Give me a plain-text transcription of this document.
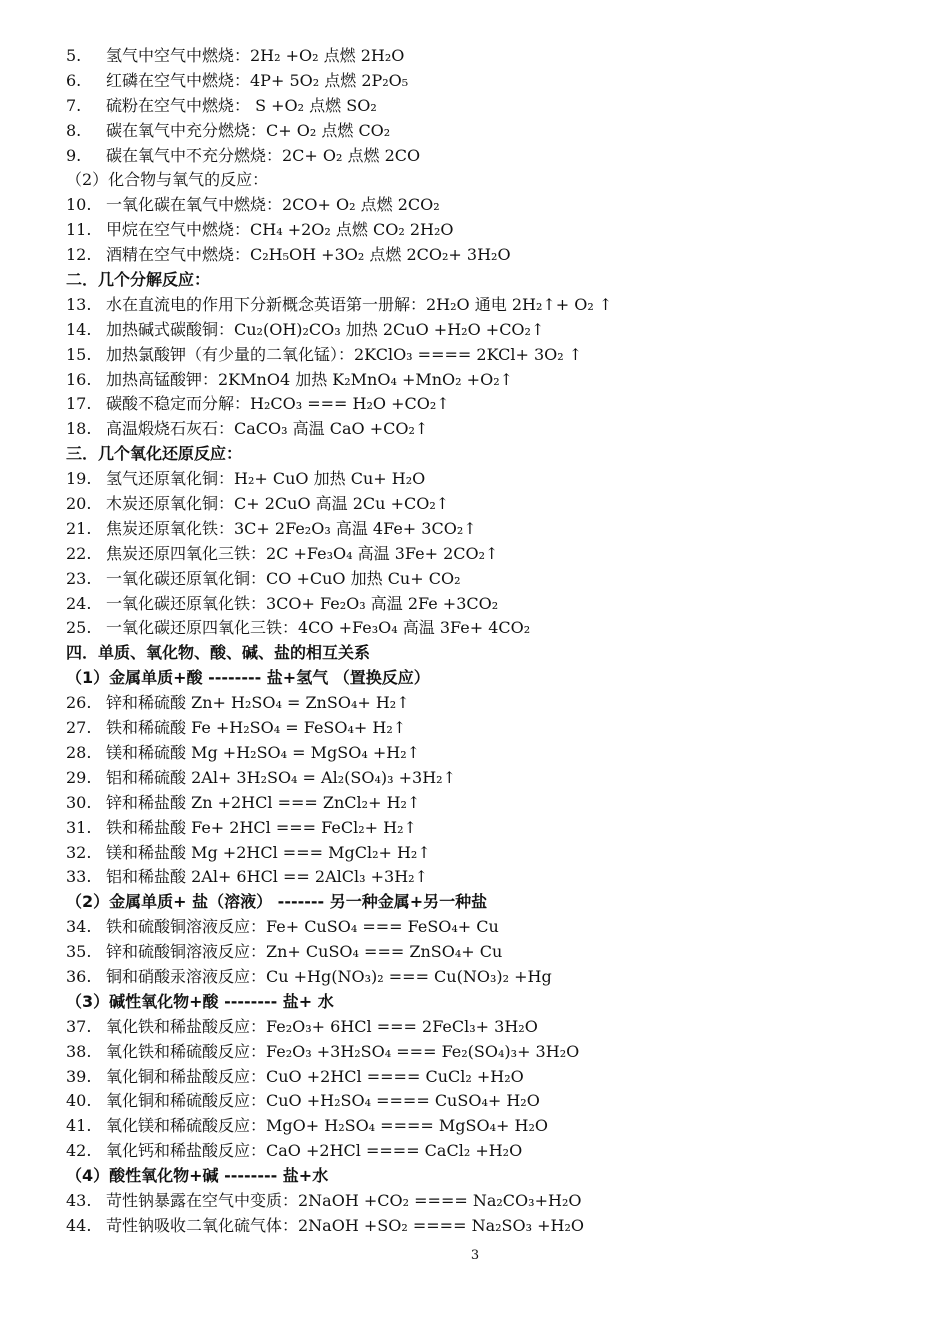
5. 氢气中空气中燃烧：2H₂ +O₂ 点燃 2H₂O
6. 红磷在空气中燃烧：4P+ 5O₂ 点燃 2P₂O₅
7. 硫粉在空气中燃烧： S +O₂ 点燃 SO₂
8. 碳在氧气中充分燃烧：C+ O₂ 点燃 CO₂
9. 碳在氧气中不充分燃烧：2C+ O₂ 点燃 2CO
（2）化合物与氧气的反应：
10. 一氧化碳在氧气中燃烧：2CO+ O₂ 点燃 2CO₂
11. 甲烷在空气中燃烧：CH₄ +2O₂ 点燃 CO₂ 2H₂O
12. 酒精在空气中燃烧：C₂H₅OH +3O₂ 点燃 2CO₂+ 3H₂O
二．几个分解反应：
13. 水在直流电的作用下分新概念英语第一册解：2H₂O 通电 2H₂↑+ O₂ ↑
14. 加热碱式碳酸铜：Cu₂(OH)₂CO₃ 加热 2CuO +H₂O +CO₂↑
15. 加热氯酸钾（有少量的二氧化锰）：2KClO₃ ==== 2KCl+ 3O₂ ↑
16. 加热高锰酸钾：2KMnO4 加热 K₂MnO₄ +MnO₂ +O₂↑
17. 碳酸不稳定而分解：H₂CO₃ === H₂O +CO₂↑
18. 高温煅烧石灰石：CaCO₃ 高温 CaO +CO₂↑
三．几个氧化还原反应：
19. 氢气还原氧化铜：H₂+ CuO 加热 Cu+ H₂O
20. 木炭还原氧化铜：C+ 2CuO 高温 2Cu +CO₂↑
21. 焦炭还原氧化铁：3C+ 2Fe₂O₃ 高温 4Fe+ 3CO₂↑
22. 焦炭还原四氧化三铁：2C +Fe₃O₄ 高温 3Fe+ 2CO₂↑
23. 一氧化碳还原氧化铜：CO +CuO 加热 Cu+ CO₂
24. 一氧化碳还原氧化铁：3CO+ Fe₂O₃ 高温 2Fe +3CO₂
25. 一氧化碳还原四氧化三铁：4CO +Fe₃O₄ 高温 3Fe+ 4CO₂
四．单质、氧化物、酸、碱、盐的相互关系
（1）金属单质+酸 -------- 盐+氢气 （置换反应）
26. 锌和稀硫酸 Zn+ H₂SO₄ = ZnSO₄+ H₂↑
27. 铁和稀硫酸 Fe +H₂SO₄ = FeSO₄+ H₂↑
28. 镁和稀硫酸 Mg +H₂SO₄ = MgSO₄ +H₂↑
29. 铝和稀硫酸 2Al+ 3H₂SO₄ = Al₂(SO₄)₃ +3H₂↑
30. 锌和稀盐酸 Zn +2HCl === ZnCl₂+ H₂↑
31. 铁和稀盐酸 Fe+ 2HCl === FeCl₂+ H₂↑
32. 镁和稀盐酸 Mg +2HCl === MgCl₂+ H₂↑
33. 铝和稀盐酸 2Al+ 6HCl == 2AlCl₃ +3H₂↑
（2）金属单质+ 盐（溶液） ------- 另一种金属+另一种盐
34. 铁和硫酸铜溶液反应：Fe+ CuSO₄ === FeSO₄+ Cu
35. 锌和硫酸铜溶液反应：Zn+ CuSO₄ === ZnSO₄+ Cu
36. 铜和硝酸汞溶液反应：Cu +Hg(NO₃)₂ === Cu(NO₃)₂ +Hg
（3）碱性氧化物+酸 -------- 盐+ 水
37. 氧化铁和稀盐酸反应：Fe₂O₃+ 6HCl === 2FeCl₃+ 3H₂O
38. 氧化铁和稀硫酸反应：Fe₂O₃ +3H₂SO₄ === Fe₂(SO₄)₃+ 3H₂O
39. 氧化铜和稀盐酸反应：CuO +2HCl ==== CuCl₂ +H₂O
40. 氧化铜和稀硫酸反应：CuO +H₂SO₄ ==== CuSO₄+ H₂O
41. 氧化镁和稀硫酸反应：MgO+ H₂SO₄ ==== MgSO₄+ H₂O
42. 氧化钙和稀盐酸反应：CaO +2HCl ==== CaCl₂ +H₂O
（4）酸性氧化物+碱 -------- 盐+水
43. 苛性钠暴露在空气中变质：2NaOH +CO₂ ==== Na₂CO₃+H₂O
44. 苛性钠吸收二氧化硫气体：2NaOH +SO₂ ==== Na₂SO₃ +H₂O
3
